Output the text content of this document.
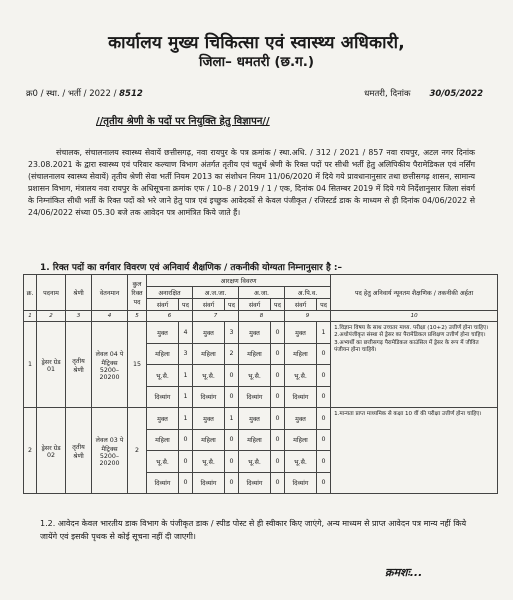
कार्यालय मुख्य चिकित्सा एवं स्वास्थ्य अधिकारी,
जिला– धमतरी (छ.ग.)
क्र0 / स्था. / भर्ती / 2022 / 8512	धमतरी, दिनांक 30/05/2022
//तृतीय श्रेणी के पदों पर नियुक्ति हेतु विज्ञापन//
संचालक, संचालनालय स्वास्थ्य सेवायें छत्तीसगढ़, नवा रायपुर के पत्र क्रमांक / स्था.अधि. / 312 / 2021 / 857 नवा रायपुर, अटल नगर दिनांक 23.08.2021 के द्वारा स्वास्थ्य एवं परिवार कल्याण विभाग अंतर्गत तृतीय एवं चतुर्थ श्रेणी के रिक्त पदों पर सीधी भर्ती हेतु अलिपिकीय पैरामेडिकल एवं नर्सिंग (संचालनालय स्वास्थ्य सेवायें) तृतीय श्रेणी सेवा भर्ती नियम 2013 का संशोधन नियम 11/06/2020 में दिये गये प्रावधानानुसार तथा छत्तीसगढ़ शासन, सामान्य प्रशासन विभाग, मंत्रालय नवा रायपुर के अधिसूचना क्रमांक एफ / 10–8 / 2019 / 1 / एक, दिनांक 04 सितम्बर 2019 में दिये गये निर्देशानुसार जिला संवर्ग के निम्नांकित सीधी भर्ती के रिक्त पदों को भरे जाने हेतु पात्र एवं इच्छुक आवेदकों से केवल पंजीकृत / रजिस्टर्ड डाक के माध्यम से ही दिनांक 04/06/2022 से 24/06/2022 संध्या 05.30 बजे तक आवेदन पत्र आमंत्रित किये जाते हैं।
1. रिक्त पदों का वर्गवार विवरण एवं अनिवार्य शैक्षणिक / तकनीकी योग्यता निम्नानुसार है :–
क्र.	पदनाम	श्रेणी	वेतनमान	कुल रिक्त पद	आरक्षण विवरण								पद हेतु अनिवार्य न्यूनतम शैक्षणिक / तकनीकी अर्हता
					अनारक्षित		अ.ज.जा.		अ.जा.		अ.पि.व.		
					संवर्ग	पद	संवर्ग	पद	संवर्ग	पद	संवर्ग	पद	
1	2	3	4	5	6		7		8		9		10
1	ड्रेसर ग्रेड 01	तृतीय श्रेणी	लेवल 04 पे मैट्रिक्स 5200–20200	15	मुक्त	4	मुक्त	3	मुक्त	0	मुक्त	1	1.विज्ञान विषय के साथ उच्चतर माध्य. परीक्षा (10+2) उत्तीर्ण होना चाहिए। 2.अधोपंजीकृत संस्था से ड्रेसर का पैरामेडिकल प्रशिक्षण उत्तीर्ण होना चाहिए। 3.अभ्यर्थी का छत्तीसगढ़ पैरामेडिकल काउंसिल में ड्रेसर के रूप में जीवित पंजीयन होना चाहिये।
					महिला	3	महिला	2	महिला	0	महिला	0	
					भू.सै.	1	भू.सै.	0	भू.सै.	0	भू.सै.	0	
					दिव्यांग	1	दिव्यांग	0	दिव्यांग	0	दिव्यांग	0	
2	ड्रेसर ग्रेड 02	तृतीय श्रेणी	लेवल 03 पे मैट्रिक्स 5200–20200	2	मुक्त	1	मुक्त	1	मुक्त	0	मुक्त	0	1.मान्यता प्राप्त माध्यमिक से कक्षा 10 वीं की परीक्षा उत्तीर्ण होना चाहिए।
					महिला	0	महिला	0	महिला	0	महिला	0	
					भू.सै.	0	भू.सै.	0	भू.सै.	0	भू.सै.	0	
					दिव्यांग	0	दिव्यांग	0	दिव्यांग	0	दिव्यांग	0	
1.2. आवेदन केवल भारतीय डाक विभाग के पंजीकृत डाक / स्पीड पोस्ट से ही स्वीकार किए जाएंगे, अन्य माध्यम से प्राप्त आवेदन पत्र मान्य नहीं किये जायेंगे एवं इसकी पृथक से कोई सूचना नहीं दी जाएगी।
क्रमशः...
